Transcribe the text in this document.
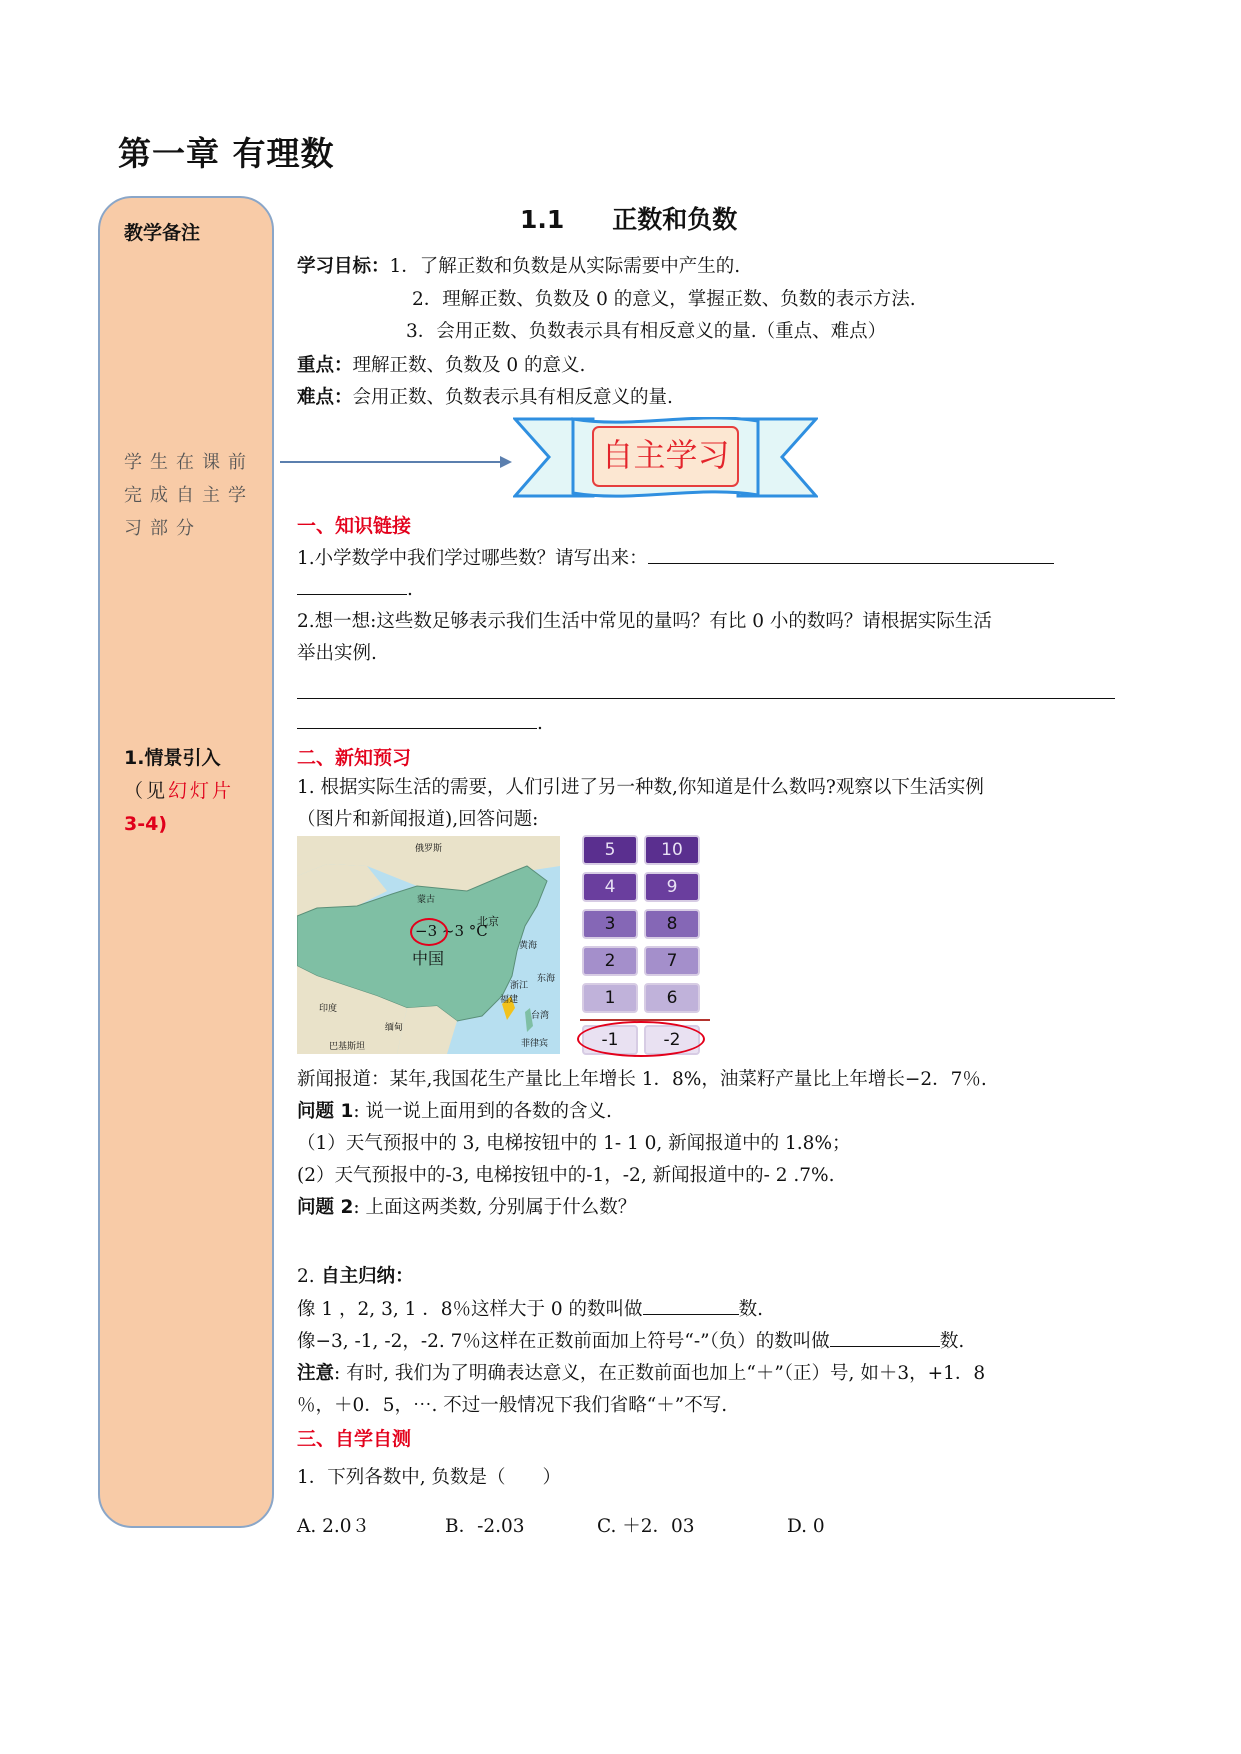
第一章 有理数
教学备注
学生在课前完成自主学习部分
1.情景引入
（见幻灯片
3-4)
1.1 正数和负数
学习目标：1．了解正数和负数是从实际需要中产生的.
2．理解正数、负数及 0 的意义，掌握正数、负数的表示方法.
3．会用正数、负数表示具有相反意义的量.（重点、难点）
重点：理解正数、负数及 0 的意义.
难点：会用正数、负数表示具有相反意义的量.
自主学习
一、知识链接
1.小学数学中我们学过哪些数？请写出来：
.
2.想一想:这些数足够表示我们生活中常见的量吗？有比 0 小的数吗？请根据实际生活
举出实例.
.
二、新知预习
1. 根据实际生活的需要，人们引进了另一种数,你知道是什么数吗?观察以下生活实例
（图片和新闻报道),回答问题:
俄罗斯
蒙古
北京
中国
−3 ~3 °C
黄海
东海
浙江
福建
台湾
印度
缅甸
菲律宾
巴基斯坦
5	10
4	9
3	8
2	7
1	6
-1	-2
新闻报道：某年,我国花生产量比上年增长 1．8%，油菜籽产量比上年增长−2．7％.
问题 1: 说一说上面用到的各数的含义.
（1）天气预报中的 3, 电梯按钮中的 1- 1 0, 新闻报道中的 1.8%；
(2）天气预报中的-3, 电梯按钮中的-1，-2, 新闻报道中的- 2 .7%.
问题 2: 上面这两类数, 分别属于什么数？
2. 自主归纳：
像 1 ，2, 3, 1 ．8％这样大于 0 的数叫做	数.
像−3, -1, -2，-2. 7％这样在正数前面加上符号“-”（负）的数叫做	数.
注意: 有时, 我们为了明确表达意义，在正数前面也加上“＋”（正）号, 如＋3，+1．8
％，＋0．5，⋯. 不过一般情况下我们省略“＋”不写.
三、自学自测
1．下列各数中, 负数是（　　）
A. 2.0３	B．-2.03	C. ＋2．03	D. 0
